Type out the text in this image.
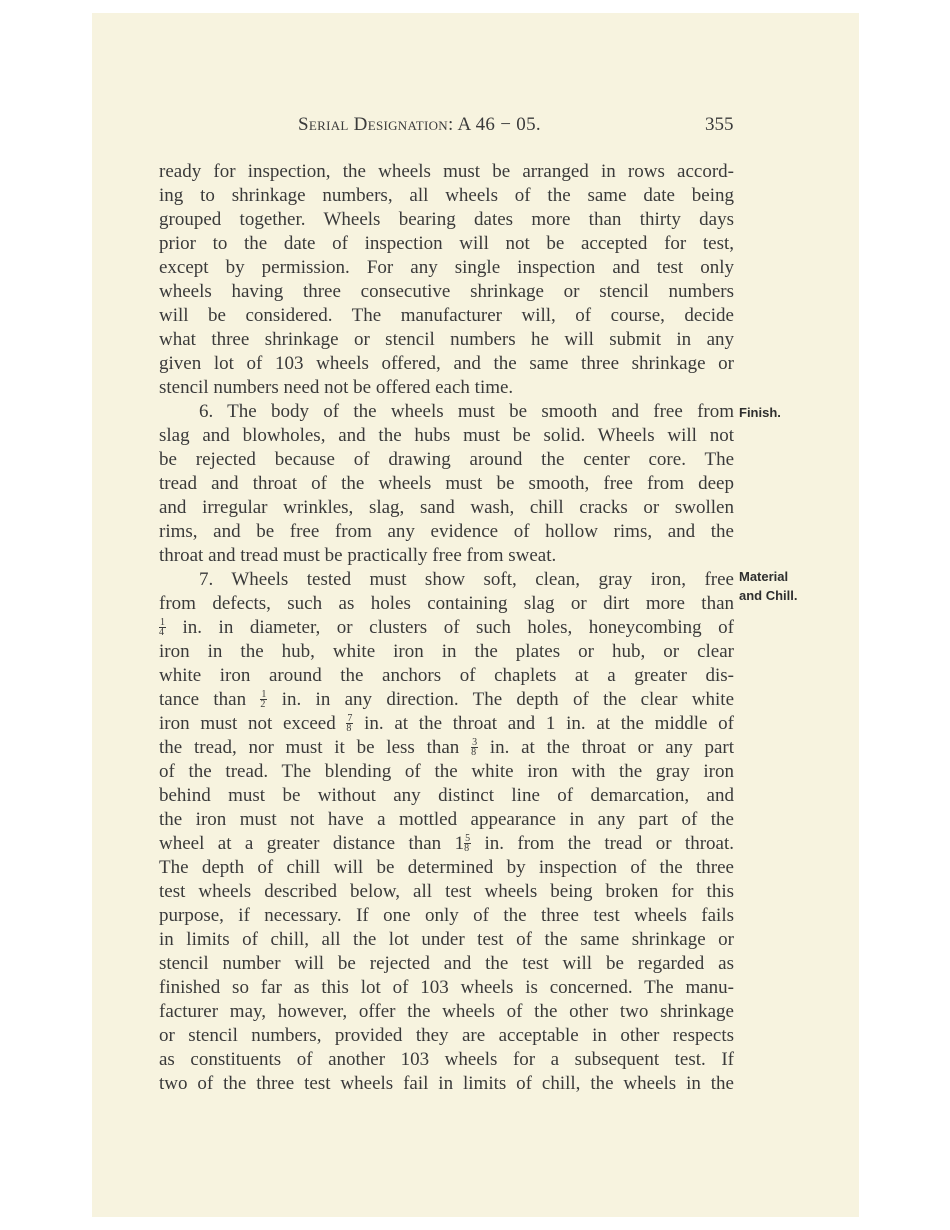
Serial Designation: A 46 − 05.	355
ready for inspection, the wheels must be arranged in rows accord-
ing to shrinkage numbers, all wheels of the same date being
grouped together. Wheels bearing dates more than thirty days
prior to the date of inspection will not be accepted for test,
except by permission. For any single inspection and test only
wheels having three consecutive shrinkage or stencil numbers
will be considered. The manufacturer will, of course, decide
what three shrinkage or stencil numbers he will submit in any
given lot of 103 wheels offered, and the same three shrinkage or
stencil numbers need not be offered each time.
Finish.
6. The body of the wheels must be smooth and free from
slag and blowholes, and the hubs must be solid. Wheels will not
be rejected because of drawing around the center core. The
tread and throat of the wheels must be smooth, free from deep
and irregular wrinkles, slag, sand wash, chill cracks or swollen
rims, and be free from any evidence of hollow rims, and the
throat and tread must be practically free from sweat.
Material
and Chill.
7. Wheels tested must show soft, clean, gray iron, free
from defects, such as holes containing slag or dirt more than
$\frac{1}{4}$ in. in diameter, or clusters of such holes, honeycombing of
iron in the hub, white iron in the plates or hub, or clear
white iron around the anchors of chaplets at a greater dis-
tance than $\frac{1}{2}$ in. in any direction. The depth of the clear white
iron must not exceed $\frac{7}{8}$ in. at the throat and 1 in. at the middle of
the tread, nor must it be less than $\frac{3}{8}$ in. at the throat or any part
of the tread. The blending of the white iron with the gray iron
behind must be without any distinct line of demarcation, and
the iron must not have a mottled appearance in any part of the
wheel at a greater distance than $1 \frac{5}{8}$ in. from the tread or throat.
The depth of chill will be determined by inspection of the three
test wheels described below, all test wheels being broken for this
purpose, if necessary. If one only of the three test wheels fails
in limits of chill, all the lot under test of the same shrinkage or
stencil number will be rejected and the test will be regarded as
finished so far as this lot of 103 wheels is concerned. The manu-
facturer may, however, offer the wheels of the other two shrinkage
or stencil numbers, provided they are acceptable in other respects
as constituents of another 103 wheels for a subsequent test. If
two of the three test wheels fail in limits of chill, the wheels in the
